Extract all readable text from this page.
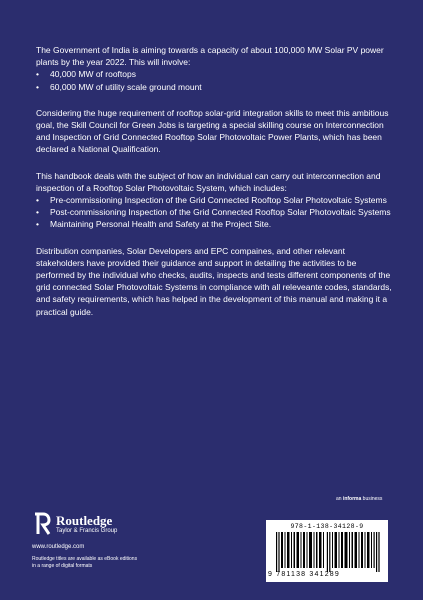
The Government of India is aiming towards a capacity of about 100,000 MW Solar PV power plants by the year 2022. This will involve:

• 40,000 MW of rooftops
• 60,000 MW of utility scale ground mount

Considering the huge requirement of rooftop solar-grid integration skills to meet this ambitious goal, the Skill Council for Green Jobs is targeting a special skilling course on Interconnection and Inspection of Grid Connected Rooftop Solar Photovoltaic Power Plants, which has been declared a National Qualification.

This handbook deals with the subject of how an individual can carry out interconnection and inspection of a Rooftop Solar Photovoltaic System, which includes:

• Pre-commissioning Inspection of the Grid Connected Rooftop Solar Photovoltaic Systems
• Post-commissioning Inspection of the Grid Connected Rooftop Solar Photovoltaic Systems
• Maintaining Personal Health and Safety at the Project Site.

Distribution companies, Solar Developers and EPC compaines, and other relevant stakeholders have provided their guidance and support in detailing the activities to be performed by the individual who checks, audits, inspects and tests different components of the grid connected Solar Photovoltaic Systems in compliance with all releveante codes, standards, and safety requirements, which has helped in the development of this manual and making it a practical guide.

an informa business
Routledge
Taylor & Francis Group
www.routledge.com
Routledge titles are available as eBook editions in a range of digital formats
978-1-138-34128-9
9 781138 341289
